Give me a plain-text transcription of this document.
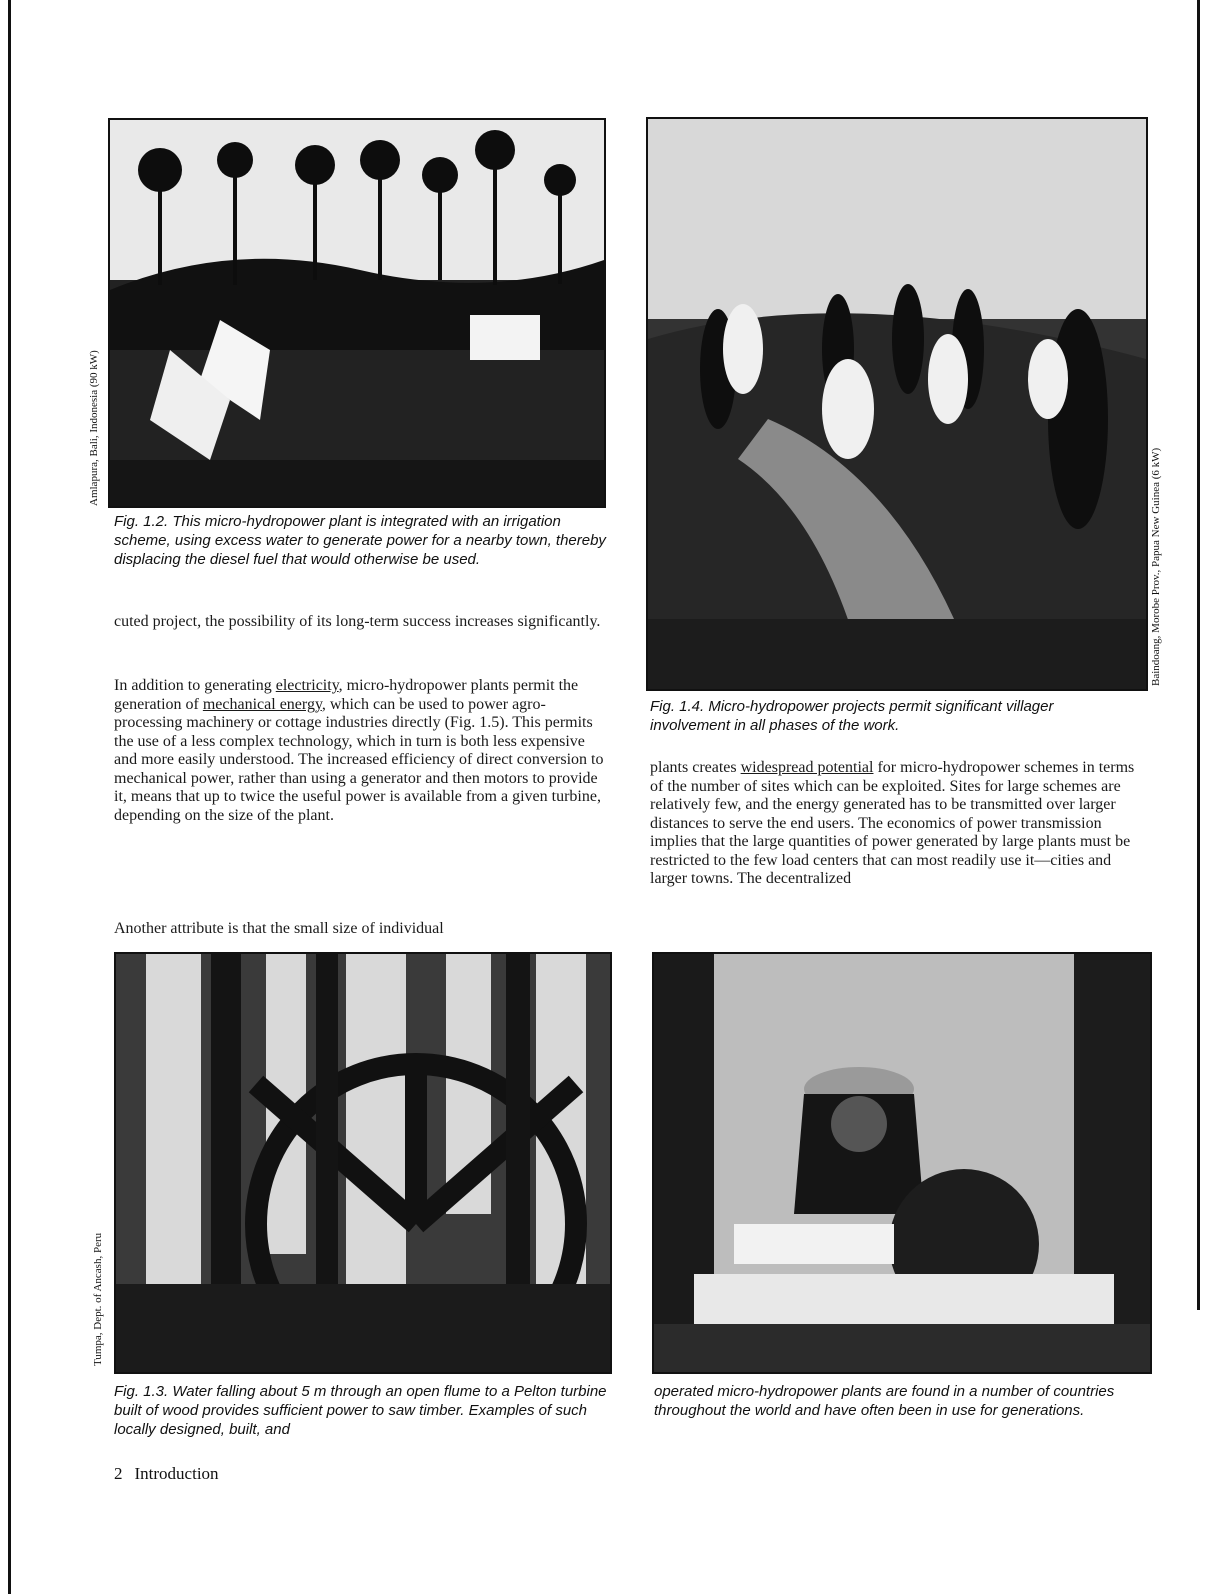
Amlapura, Bali, Indonesia (90 kW)

Fig. 1.2. This micro-hydropower plant is integrated with an irrigation scheme, using excess water to generate power for a nearby town, thereby displacing the diesel fuel that would otherwise be used.	Baindoang, Morobe Prov., Papua New Guinea (6 kW)

Fig. 1.4. Micro-hydropower projects permit significant villager involvement in all phases of the work.

cuted project, the possibility of its long-term success increases significantly.

In addition to generating electricity, micro-hydropower plants permit the generation of mechanical energy, which can be used to power agro-processing machinery or cottage industries directly (Fig. 1.5). This permits the use of a less complex technology, which in turn is both less expensive and more easily understood. The increased efficiency of direct conversion to mechanical power, rather than using a generator and then motors to provide it, means that up to twice the useful power is available from a given turbine, depending on the size of the plant.

Another attribute is that the small size of individual

plants creates widespread potential for micro-hydropower schemes in terms of the number of sites which can be exploited. Sites for large schemes are relatively few, and the energy generated has to be transmitted over larger distances to serve the end users. The economics of power transmission implies that the large quantities of power generated by large plants must be restricted to the few load centers that can most readily use it—cities and larger towns. The decentralized

Tumpa, Dept. of Ancash, Peru

Fig. 1.3. Water falling about 5 m through an open flume to a Pelton turbine built of wood provides sufficient power to saw timber. Examples of such locally designed, built, and

operated micro-hydropower plants are found in a number of countries throughout the world and have often been in use for generations.

2 Introduction
